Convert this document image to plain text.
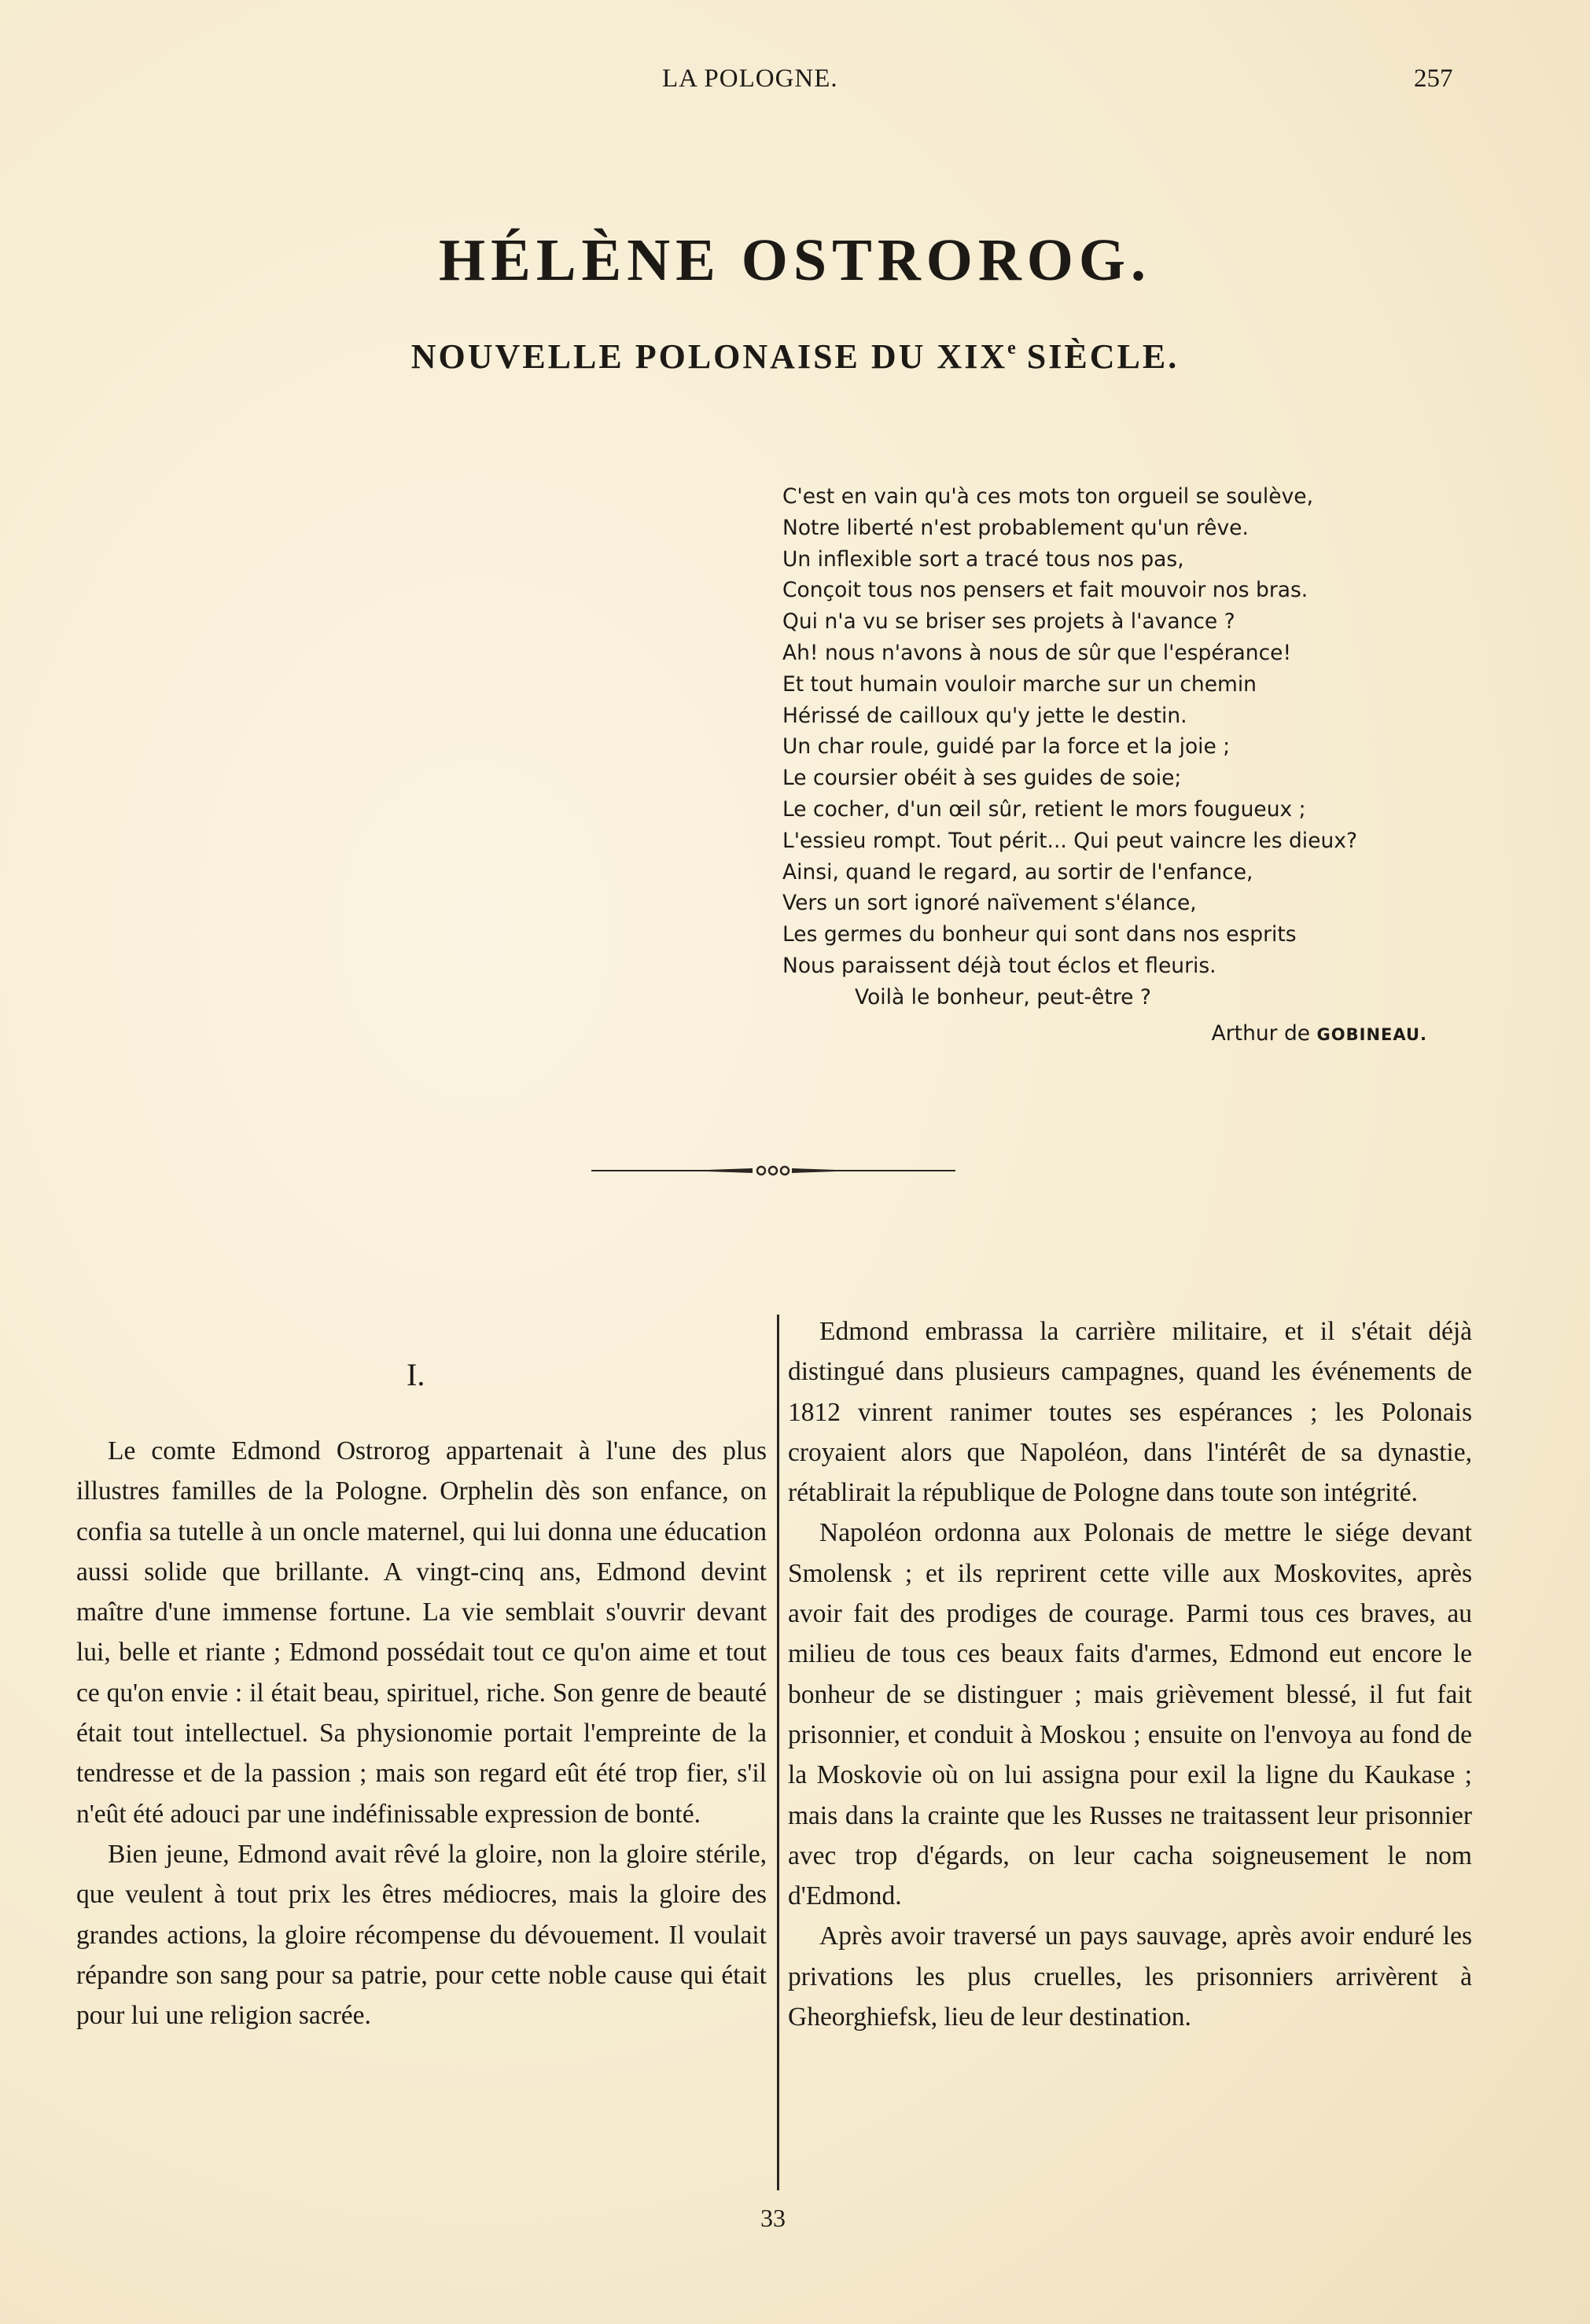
LA POLOGNE.	257
HÉLÈNE OSTROROG.
NOUVELLE POLONAISE DU XIXe SIÈCLE.
C'est en vain qu'à ces mots ton orgueil se soulève,
Notre liberté n'est probablement qu'un rêve.
Un inflexible sort a tracé tous nos pas,
Conçoit tous nos pensers et fait mouvoir nos bras.
Qui n'a vu se briser ses projets à l'avance ?
Ah! nous n'avons à nous de sûr que l'espérance!
Et tout humain vouloir marche sur un chemin
Hérissé de cailloux qu'y jette le destin.
Un char roule, guidé par la force et la joie ;
Le coursier obéit à ses guides de soie;
Le cocher, d'un œil sûr, retient le mors fougueux ;
L'essieu rompt. Tout périt... Qui peut vaincre les dieux?
Ainsi, quand le regard, au sortir de l'enfance,
Vers un sort ignoré naïvement s'élance,
Les germes du bonheur qui sont dans nos esprits
Nous paraissent déjà tout éclos et fleuris.
Voilà le bonheur, peut-être ?
Arthur de GOBINEAU.
I.

Le comte Edmond Ostrorog appartenait à l'une des plus illustres familles de la Pologne. Orphelin dès son enfance, on confia sa tutelle à un oncle maternel, qui lui donna une éducation aussi solide que brillante. A vingt-cinq ans, Edmond devint maître d'une immense fortune. La vie semblait s'ouvrir devant lui, belle et riante ; Edmond possédait tout ce qu'on aime et tout ce qu'on envie : il était beau, spirituel, riche. Son genre de beauté était tout intellectuel. Sa physionomie portait l'empreinte de la tendresse et de la passion ; mais son regard eût été trop fier, s'il n'eût été adouci par une indéfinissable expression de bonté.

Bien jeune, Edmond avait rêvé la gloire, non la gloire stérile, que veulent à tout prix les êtres médiocres, mais la gloire des grandes actions, la gloire récompense du dévouement. Il voulait répandre son sang pour sa patrie, pour cette noble cause qui était pour lui une religion sacrée.

Edmond embrassa la carrière militaire, et il s'était déjà distingué dans plusieurs campagnes, quand les événements de 1812 vinrent ranimer toutes ses espérances ; les Polonais croyaient alors que Napoléon, dans l'intérêt de sa dynastie, rétablirait la république de Pologne dans toute son intégrité.

Napoléon ordonna aux Polonais de mettre le siége devant Smolensk ; et ils reprirent cette ville aux Moskovites, après avoir fait des prodiges de courage. Parmi tous ces braves, au milieu de tous ces beaux faits d'armes, Edmond eut encore le bonheur de se distinguer ; mais grièvement blessé, il fut fait prisonnier, et conduit à Moskou ; ensuite on l'envoya au fond de la Moskovie où on lui assigna pour exil la ligne du Kaukase ; mais dans la crainte que les Russes ne traitassent leur prisonnier avec trop d'égards, on leur cacha soigneusement le nom d'Edmond.

Après avoir traversé un pays sauvage, après avoir enduré les privations les plus cruelles, les prisonniers arrivèrent à Gheorghiefsk, lieu de leur destination.

33
